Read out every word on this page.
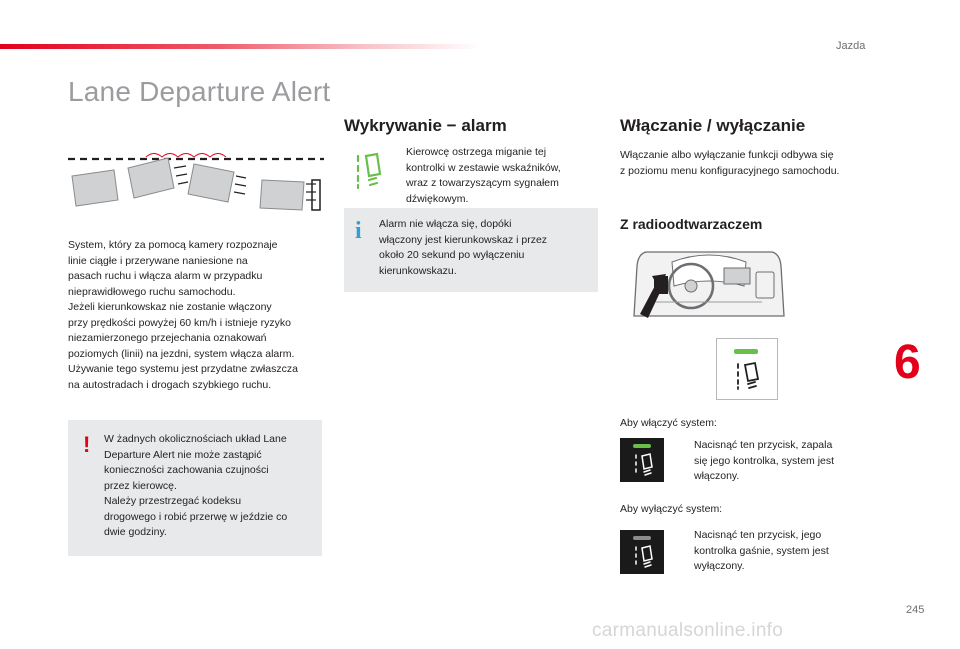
Jazda
Lane Departure Alert
System, który za pomocą kamery rozpoznaje
linie ciągłe i przerywane naniesione na
pasach ruchu i włącza alarm w przypadku
nieprawidłowego ruchu samochodu.
Jeżeli kierunkowskaz nie zostanie włączony
przy prędkości powyżej 60 km/h i istnieje ryzyko
niezamierzonego przejechania oznakowań
poziomych (linii) na jezdni, system włącza alarm.
Używanie tego systemu jest przydatne zwłaszcza
na autostradach i drogach szybkiego ruchu.
! W żadnych okolicznościach układ Lane
Departure Alert nie może zastąpić
konieczności zachowania czujności
przez kierowcę.
Należy przestrzegać kodeksu
drogowego i robić przerwę w jeździe co
dwie godziny.
Wykrywanie − alarm
Kierowcę ostrzega miganie tej
kontrolki w zestawie wskaźników,
wraz z towarzyszącym sygnałem
dźwiękowym.
i Alarm nie włącza się, dopóki
włączony jest kierunkowskaz i przez
około 20 sekund po wyłączeniu
kierunkowskazu.
Włączanie / wyłączanie
Włączanie albo wyłączanie funkcji odbywa się
z poziomu menu konfiguracyjnego samochodu.
Z radioodtwarzaczem
Aby włączyć system:
Nacisnąć ten przycisk, zapala
się jego kontrolka, system jest
włączony.
Aby wyłączyć system:
Nacisnąć ten przycisk, jego
kontrolka gaśnie, system jest
wyłączony.
6
245
carmanualsonline.info
